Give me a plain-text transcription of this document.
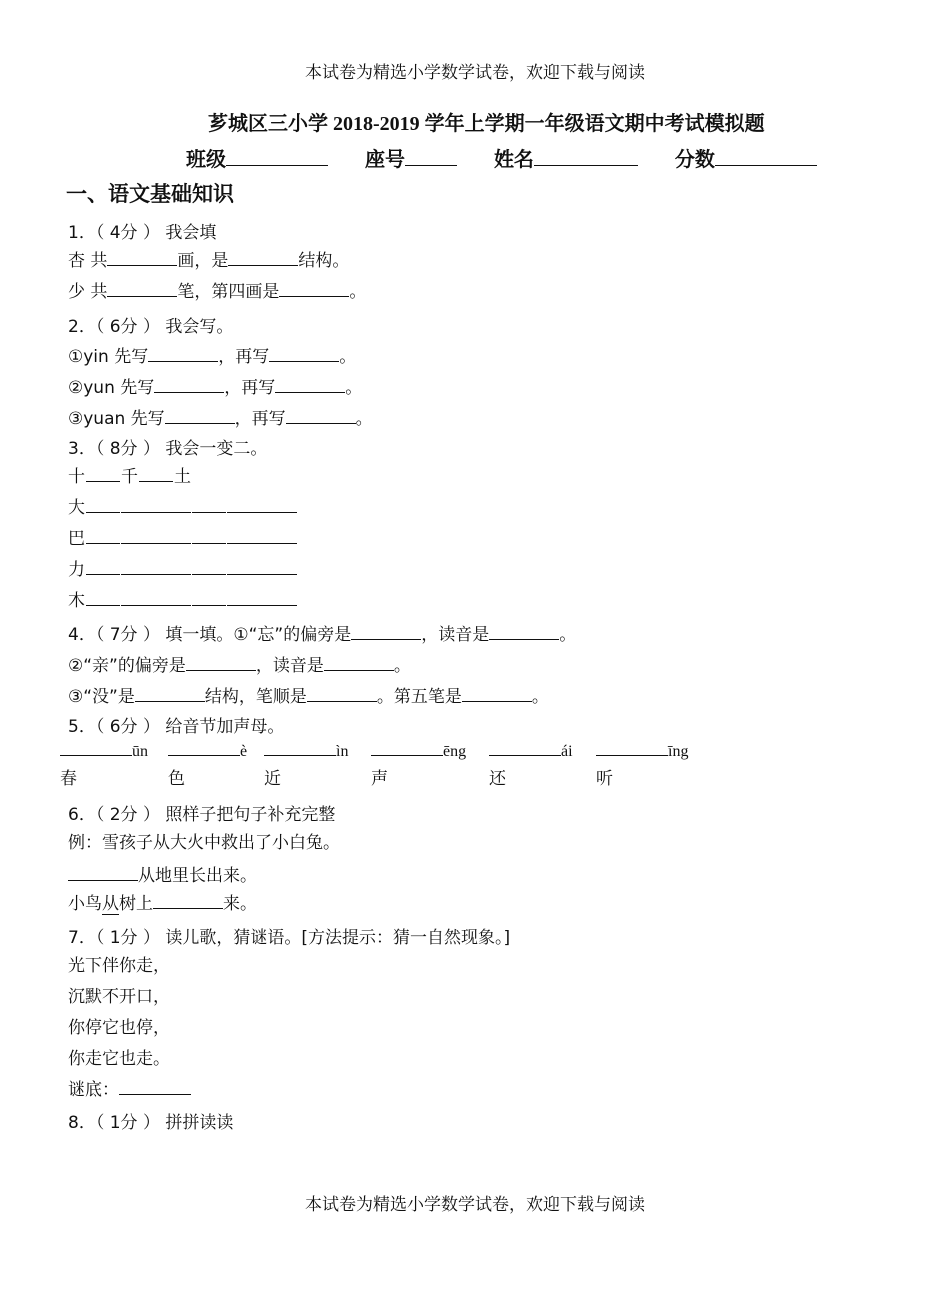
本试卷为精选小学数学试卷，欢迎下载与阅读
芗城区三小学 2018-2019 学年上学期一年级语文期中考试模拟题
班级	座号	姓名	分数
一、语文基础知识
1．（ 4分 ） 我会填
杏 共	画，是	结构。
少 共	笔，第四画是	。
2．（ 6分 ） 我会写。
①yin 先写	，再写	。
②yun 先写	，再写	。
③yuan 先写	，再写	。
3．（ 8分 ） 我会一变二。
十 千 土
大
巴
力
木
4．（ 7分 ） 填一填。①“忘”的偏旁是	，读音是	。
②“亲”的偏旁是	，读音是	。
③“没”是	结构，笔顺是	。第五笔是	。
5．（ 6分 ） 给音节加声母。
ūn	è	ìn	ēng	ái	īng
春	色	近	声	还	听
6．（ 2分 ） 照样子把句子补充完整
例：雪孩子从大火中救出了小白兔。
从地里长出来。
小鸟从树上	来。
7．（ 1分 ） 读儿歌，猜谜语。[方法提示：猜一自然现象。]
光下伴你走，
沉默不开口，
你停它也停，
你走它也走。
谜底：
8．（ 1分 ） 拼拼读读
本试卷为精选小学数学试卷，欢迎下载与阅读
